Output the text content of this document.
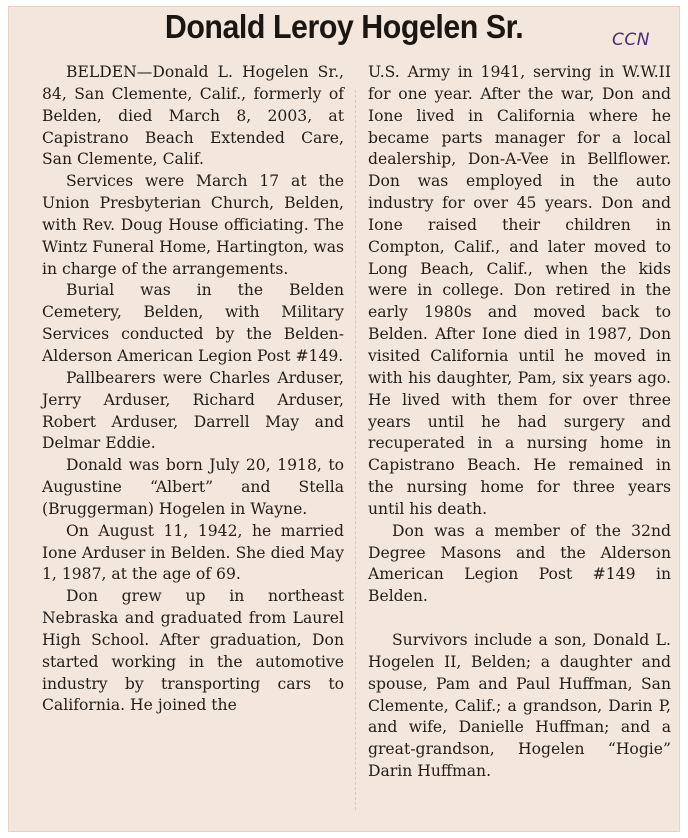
Donald Leroy Hogelen Sr.	CCN

BELDEN—Donald L. Hogelen Sr., 84, San Clemente, Calif., formerly of Belden, died March 8, 2003, at Capistrano Beach Extended Care, San Clemente, Calif.

Services were March 17 at the Union Presbyterian Church, Belden, with Rev. Doug House officiating. The Wintz Funeral Home, Hartington, was in charge of the arrangements.

Burial was in the Belden Cemetery, Belden, with Military Services conducted by the Belden-Alderson American Legion Post #149.

Pallbearers were Charles Arduser, Jerry Arduser, Richard Arduser, Robert Arduser, Darrell May and Delmar Eddie.

Donald was born July 20, 1918, to Augustine “Albert” and Stella (Bruggerman) Hogelen in Wayne.

On August 11, 1942, he married Ione Arduser in Belden. She died May 1, 1987, at the age of 69.

Don grew up in northeast Nebraska and graduated from Laurel High School. After graduation, Don started working in the automotive industry by transporting cars to California. He joined the

U.S. Army in 1941, serving in W.W.II for one year. After the war, Don and Ione lived in California where he became parts manager for a local dealership, Don-A-Vee in Bellflower. Don was employed in the auto industry for over 45 years. Don and Ione raised their children in Compton, Calif., and later moved to Long Beach, Calif., when the kids were in college. Don retired in the early 1980s and moved back to Belden. After Ione died in 1987, Don visited California until he moved in with his daughter, Pam, six years ago. He lived with them for over three years until he had surgery and recuperated in a nursing home in Capistrano Beach. He remained in the nursing home for three years until his death.

Don was a member of the 32nd Degree Masons and the Alderson American Legion Post #149 in Belden.

Survivors include a son, Donald L. Hogelen II, Belden; a daughter and spouse, Pam and Paul Huffman, San Clemente, Calif.; a grandson, Darin P, and wife, Danielle Huffman; and a great-grandson, Hogelen “Hogie” Darin Huffman.
